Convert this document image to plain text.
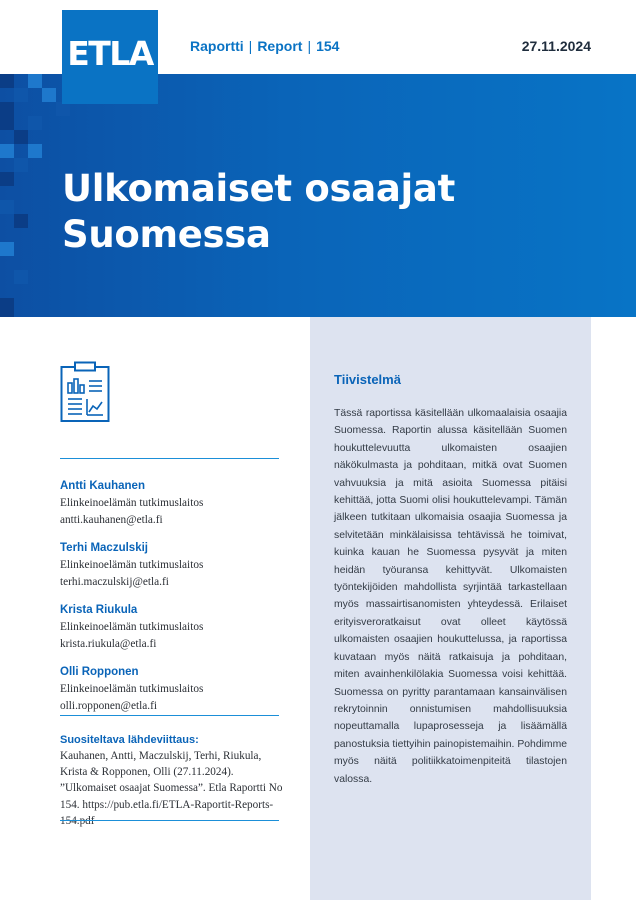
ETLA	Raportti | Report | 154	27.11.2024
Ulkomaiset osaajat
Suomessa
Antti Kauhanen
Elinkeinoelämän tutkimuslaitos
antti.kauhanen@etla.fi
Terhi Maczulskij
Elinkeinoelämän tutkimuslaitos
terhi.maczulskij@etla.fi
Krista Riukula
Elinkeinoelämän tutkimuslaitos
krista.riukula@etla.fi
Olli Ropponen
Elinkeinoelämän tutkimuslaitos
olli.ropponen@etla.fi
Suositeltava lähdeviittaus:
Kauhanen, Antti, Maczulskij, Terhi, Riukula, Krista & Ropponen, Olli (27.11.2024). ”Ulkomaiset osaajat Suomessa”. Etla Raportti No 154. https://pub.etla.fi/ETLA-Raportit-Reports-
Tiivistelmä
Tässä raportissa käsitellään ulkomaalaisia osaajia Suomessa. Raportin alussa käsitellään Suomen houkuttelevuutta ulkomaisten osaajien näkökulmasta ja pohditaan, mitkä ovat Suomen vahvuuksia ja mitä asioita Suomessa pitäisi kehittää, jotta Suomi olisi houkuttelevampi. Tämän jälkeen tutkitaan ulkomaisia osaajia Suomessa ja selvitetään minkälaisissa tehtävissä he toimivat, kuinka kauan he Suomessa pysyvät ja miten heidän työuransa kehittyvät. Ulkomaisten työntekijöiden mahdollista syrjintää tarkastellaan myös massairtisanomisten yhteydessä. Erilaiset erityisveroratkaisut ovat olleet käytössä ulkomaisten osaajien houkuttelussa, ja raportissa kuvataan myös näitä ratkaisuja ja pohditaan, miten avainhenkilölakia Suomessa voisi kehittää. Suomessa on pyritty parantamaan kansainvälisen rekrytoinnin onnistumisen mahdollisuuksia nopeuttamalla lupaprosesseja ja lisäämällä panostuksia tiettyihin painopistemaihin. Pohdimme myös näitä politiikkatoimenpiteitä tilastojen valossa.
